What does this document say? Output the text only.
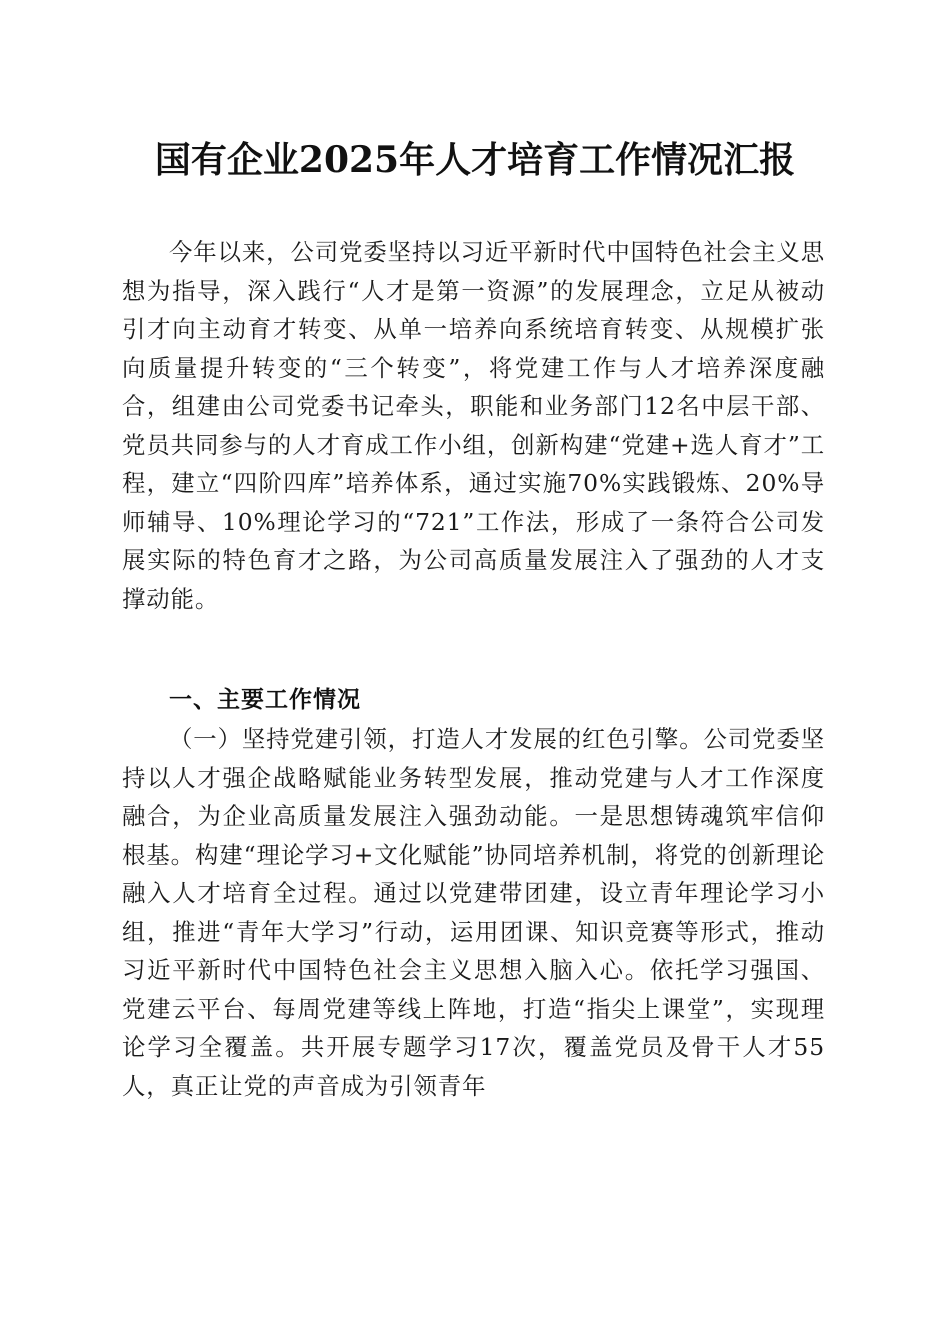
国有企业2025年人才培育工作情况汇报

今年以来，公司党委坚持以习近平新时代中国特色社会主义思想为指导，深入践行“人才是第一资源”的发展理念，立足从被动引才向主动育才转变、从单一培养向系统培育转变、从规模扩张向质量提升转变的“三个转变”，将党建工作与人才培养深度融合，组建由公司党委书记牵头，职能和业务部门12名中层干部、党员共同参与的人才育成工作小组，创新构建“党建+选人育才”工程，建立“四阶四库”培养体系，通过实施70%实践锻炼、20%导师辅导、10%理论学习的“721”工作法，形成了一条符合公司发展实际的特色育才之路，为公司高质量发展注入了强劲的人才支撑动能。

一、主要工作情况

（一）坚持党建引领，打造人才发展的红色引擎。公司党委坚持以人才强企战略赋能业务转型发展，推动党建与人才工作深度融合，为企业高质量发展注入强劲动能。一是思想铸魂筑牢信仰根基。构建“理论学习+文化赋能”协同培养机制，将党的创新理论融入人才培育全过程。通过以党建带团建，设立青年理论学习小组，推进“青年大学习”行动，运用团课、知识竞赛等形式，推动习近平新时代中国特色社会主义思想入脑入心。依托学习强国、党建云平台、每周党建等线上阵地，打造“指尖上课堂”，实现理论学习全覆盖。共开展专题学习17次，覆盖党员及骨干人才55人，真正让党的声音成为引领青年
